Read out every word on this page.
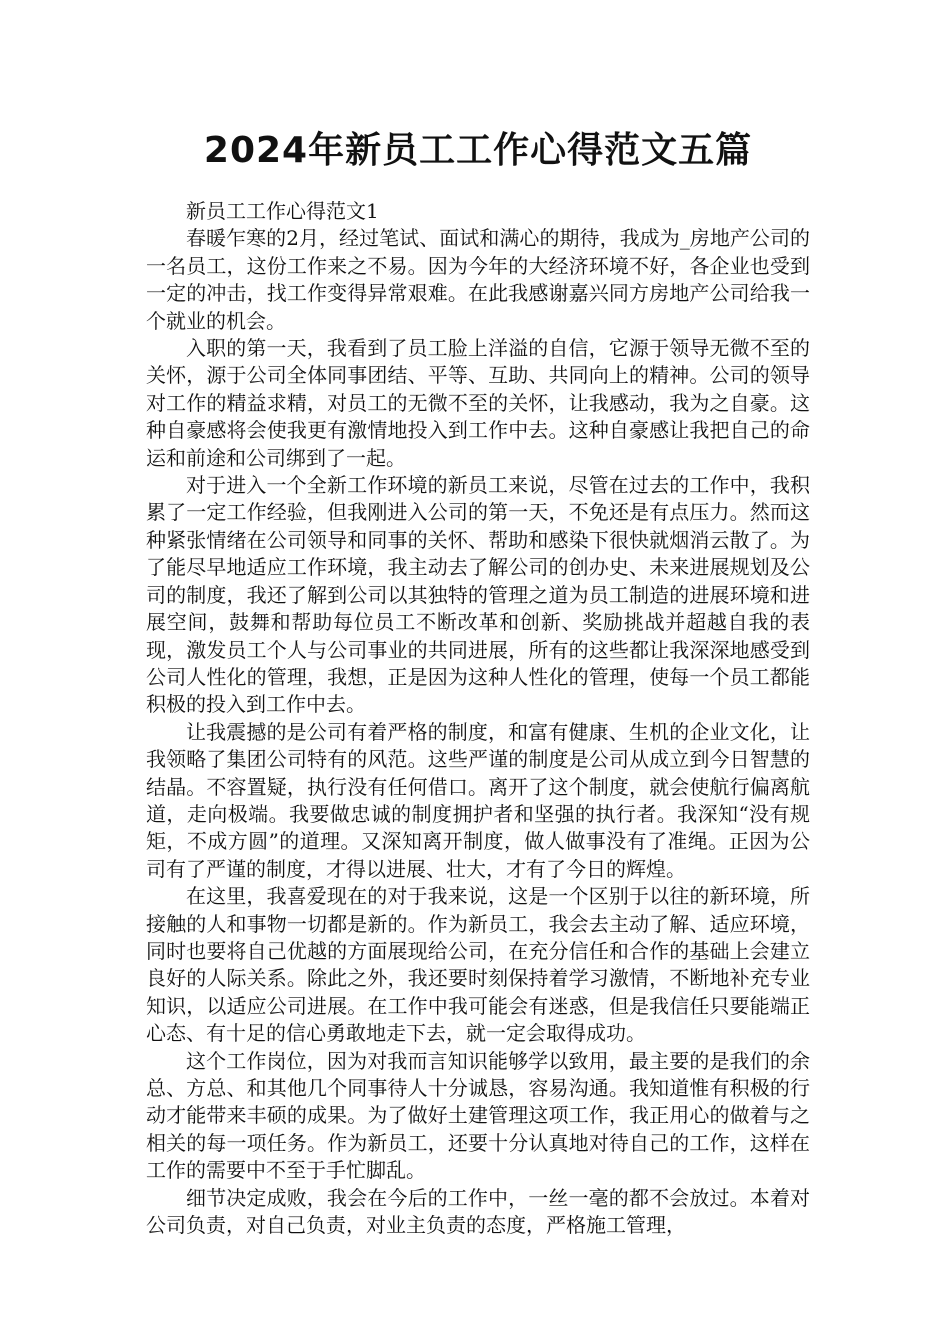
2024年新员工工作心得范文五篇

新员工工作心得范文1

春暖乍寒的2月，经过笔试、面试和满心的期待，我成为_房地产公司的一名员工，这份工作来之不易。因为今年的大经济环境不好，各企业也受到一定的冲击，找工作变得异常艰难。在此我感谢嘉兴同方房地产公司给我一个就业的机会。

入职的第一天，我看到了员工脸上洋溢的自信，它源于领导无微不至的关怀，源于公司全体同事团结、平等、互助、共同向上的精神。公司的领导对工作的精益求精，对员工的无微不至的关怀，让我感动，我为之自豪。这种自豪感将会使我更有激情地投入到工作中去。这种自豪感让我把自己的命运和前途和公司绑到了一起。

对于进入一个全新工作环境的新员工来说，尽管在过去的工作中，我积累了一定工作经验，但我刚进入公司的第一天，不免还是有点压力。然而这种紧张情绪在公司领导和同事的关怀、帮助和感染下很快就烟消云散了。为了能尽早地适应工作环境，我主动去了解公司的创办史、未来进展规划及公司的制度，我还了解到公司以其独特的管理之道为员工制造的进展环境和进展空间，鼓舞和帮助每位员工不断改革和创新、奖励挑战并超越自我的表现，激发员工个人与公司事业的共同进展，所有的这些都让我深深地感受到公司人性化的管理，我想，正是因为这种人性化的管理，使每一个员工都能积极的投入到工作中去。

让我震撼的是公司有着严格的制度，和富有健康、生机的企业文化，让我领略了集团公司特有的风范。这些严谨的制度是公司从成立到今日智慧的结晶。不容置疑，执行没有任何借口。离开了这个制度，就会使航行偏离航道，走向极端。我要做忠诚的制度拥护者和坚强的执行者。我深知“没有规矩，不成方圆”的道理。又深知离开制度，做人做事没有了准绳。正因为公司有了严谨的制度，才得以进展、壮大，才有了今日的辉煌。

在这里，我喜爱现在的对于我来说，这是一个区别于以往的新环境，所接触的人和事物一切都是新的。作为新员工，我会去主动了解、适应环境，同时也要将自己优越的方面展现给公司，在充分信任和合作的基础上会建立良好的人际关系。除此之外，我还要时刻保持着学习激情，不断地补充专业知识，以适应公司进展。在工作中我可能会有迷惑，但是我信任只要能端正心态、有十足的信心勇敢地走下去，就一定会取得成功。

这个工作岗位，因为对我而言知识能够学以致用，最主要的是我们的余总、方总、和其他几个同事待人十分诚恳，容易沟通。我知道惟有积极的行动才能带来丰硕的成果。为了做好土建管理这项工作，我正用心的做着与之相关的每一项任务。作为新员工，还要十分认真地对待自己的工作，这样在工作的需要中不至于手忙脚乱。

细节决定成败，我会在今后的工作中，一丝一毫的都不会放过。本着对公司负责，对自己负责，对业主负责的态度，严格施工管理，
